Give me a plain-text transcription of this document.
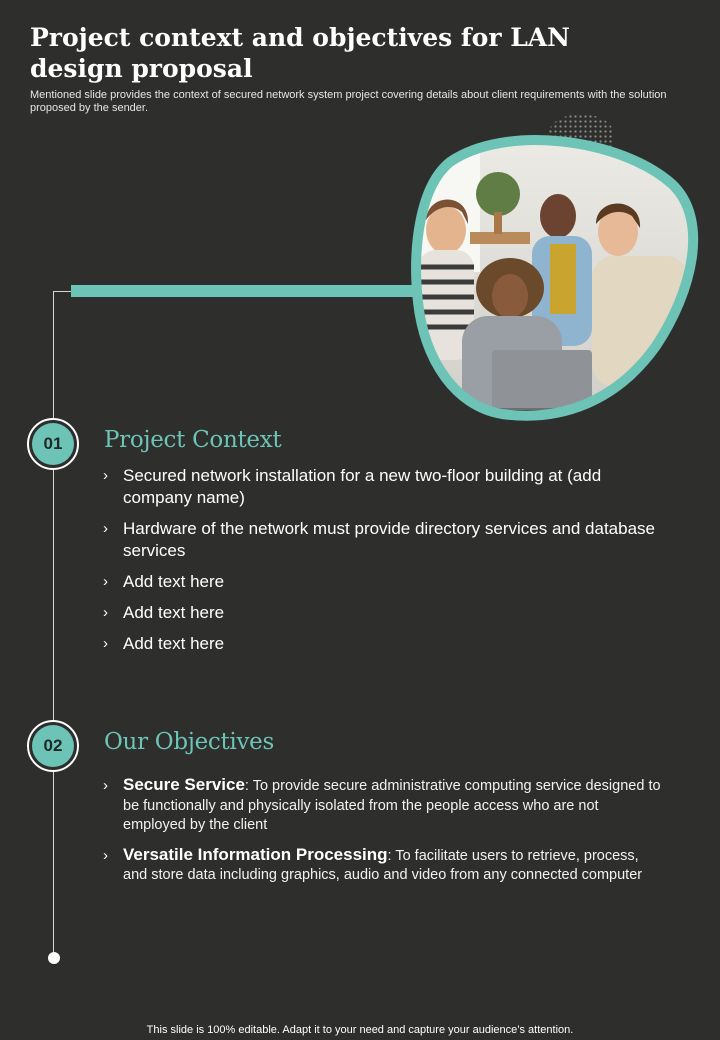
Project context and objectives for LAN design proposal

Mentioned slide provides the context of secured network system project covering details about client requirements with the solution proposed by the sender.

01	Project Context
› Secured network installation for a new two-floor building at (add company name)
› Hardware of the network must provide directory services and database services
› Add text here
› Add text here
› Add text here
02	Our Objectives
› Secure Service: To provide secure administrative computing service designed to be functionally and physically isolated from the people access who are not employed by the client
› Versatile Information Processing: To facilitate users to retrieve, process, and store data including graphics, audio and video from any connected computer

This slide is 100% editable. Adapt it to your need and capture your audience’s attention.
